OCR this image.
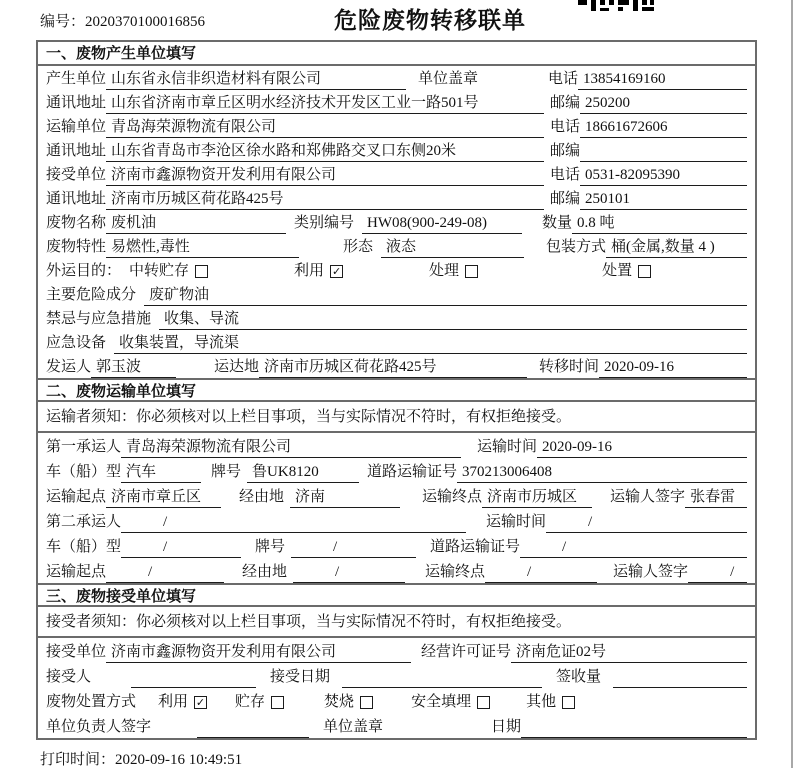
编号：2020370100016856	危险废物转移联单
一、废物产生单位填写
产生单位 山东省永信非织造材料有限公司	单位盖章	电话 13854169160
通讯地址 山东省济南市章丘区明水经济技术开发区工业一路501号	邮编 250200
运输单位 青岛海荣源物流有限公司	电话 18661672606
通讯地址 山东省青岛市李沧区徐水路和郑佛路交叉口东侧20米	邮编
接受单位 济南市鑫源物资开发利用有限公司	电话 0531-82095390
通讯地址 济南市历城区荷花路425号	邮编 250101
废物名称 废机油	类别编号 HW08(900-249-08)	数量 0.8 吨
废物特性 易燃性,毒性	形态 液态	包装方式 桶(金属,数量 4 )
外运目的： 中转贮存	利用 ✓	处理	处置
主要危险成分 废矿物油
禁忌与应急措施 收集、导流
应急设备 收集装置，导流渠
发运人 郭玉波	运达地 济南市历城区荷花路425号	转移时间 2020-09-16
二、废物运输单位填写
运输者须知：你必须核对以上栏目事项，当与实际情况不符时，有权拒绝接受。
第一承运人 青岛海荣源物流有限公司	运输时间 2020-09-16
车（船）型 汽车	牌号 鲁UK8120	道路运输证号 370213006408
运输起点 济南市章丘区	经由地 济南	运输终点 济南市历城区	运输人签字 张春雷
第二承运人	/	运输时间	/
车（船）型	/	牌号	/	道路运输证号	/
运输起点	/	经由地	/	运输终点	/	运输人签字	/
三、废物接受单位填写
接受者须知：你必须核对以上栏目事项，当与实际情况不符时，有权拒绝接受。
接受单位 济南市鑫源物资开发利用有限公司	经营许可证号 济南危证02号
接受人	接受日期	签收量
废物处置方式 利用 ✓ 贮存	焚烧	安全填埋	其他
单位负责人签字	单位盖章	日期
打印时间：2020-09-16 10:49:51
